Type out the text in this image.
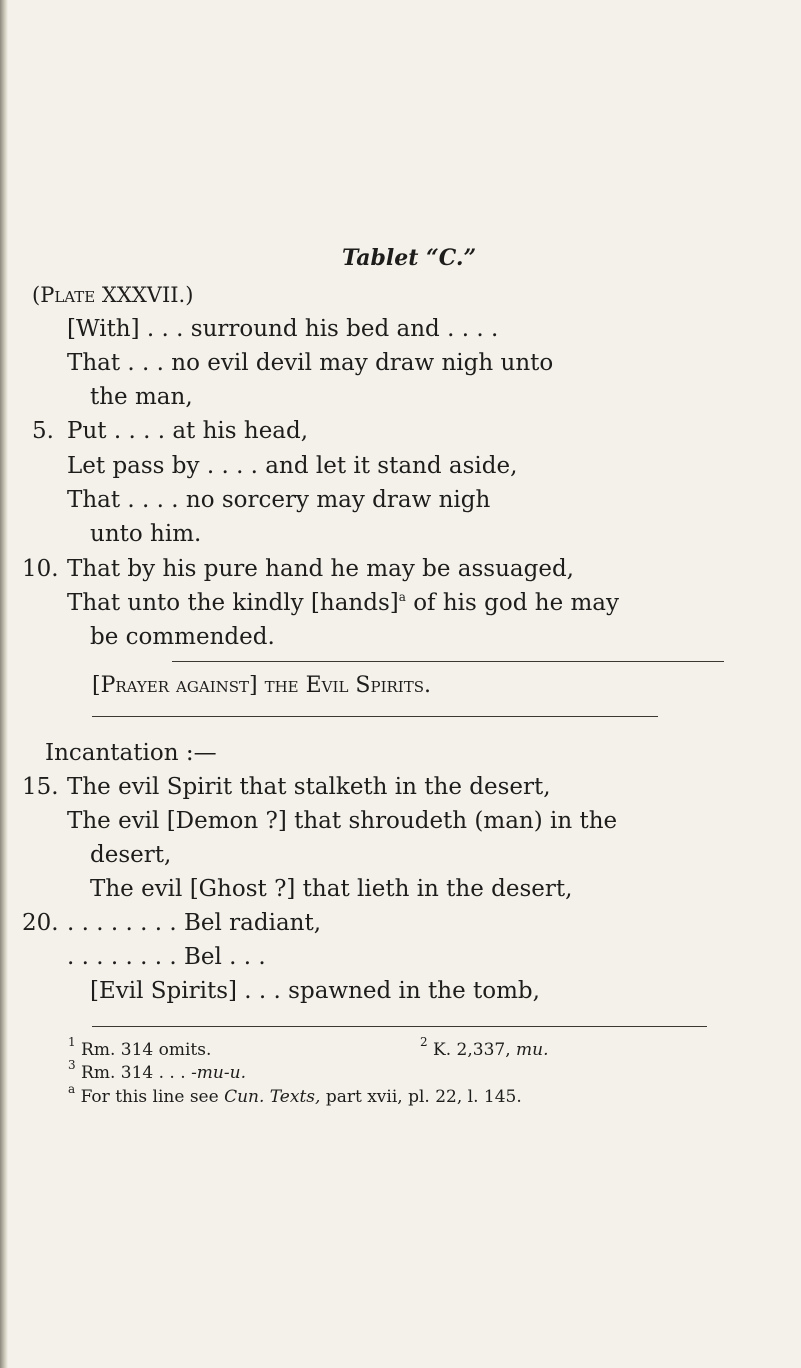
Tablet “C.”
(Plate XXXVII.)
[With] . . . surround his bed and . . . .
That . . . no evil devil may draw nigh unto
the man,
5. Put . . . . at his head,
Let pass by . . . . and let it stand aside,
That . . . . no sorcery may draw nigh
unto him.
10. That by his pure hand he may be assuaged,
That unto the kindly [hands]$^a$ of his god he may
be commended.
[Prayer against] the Evil Spirits.
Incantation :—
15. The evil Spirit that stalketh in the desert,
The evil [Demon ?] that shroudeth (man) in the
desert,
The evil [Ghost ?] that lieth in the desert,
20. . . . . . . . . Bel radiant,
. . . . . . . . Bel . . .
[Evil Spirits] . . . spawned in the tomb,
$^1$ Rm. 314 omits.	$^2$ K. 2,337, mu.
$^3$ Rm. 314 . . . -mu-u.
$^a$ For this line see Cun. Texts, part xvii, pl. 22, l. 145.
